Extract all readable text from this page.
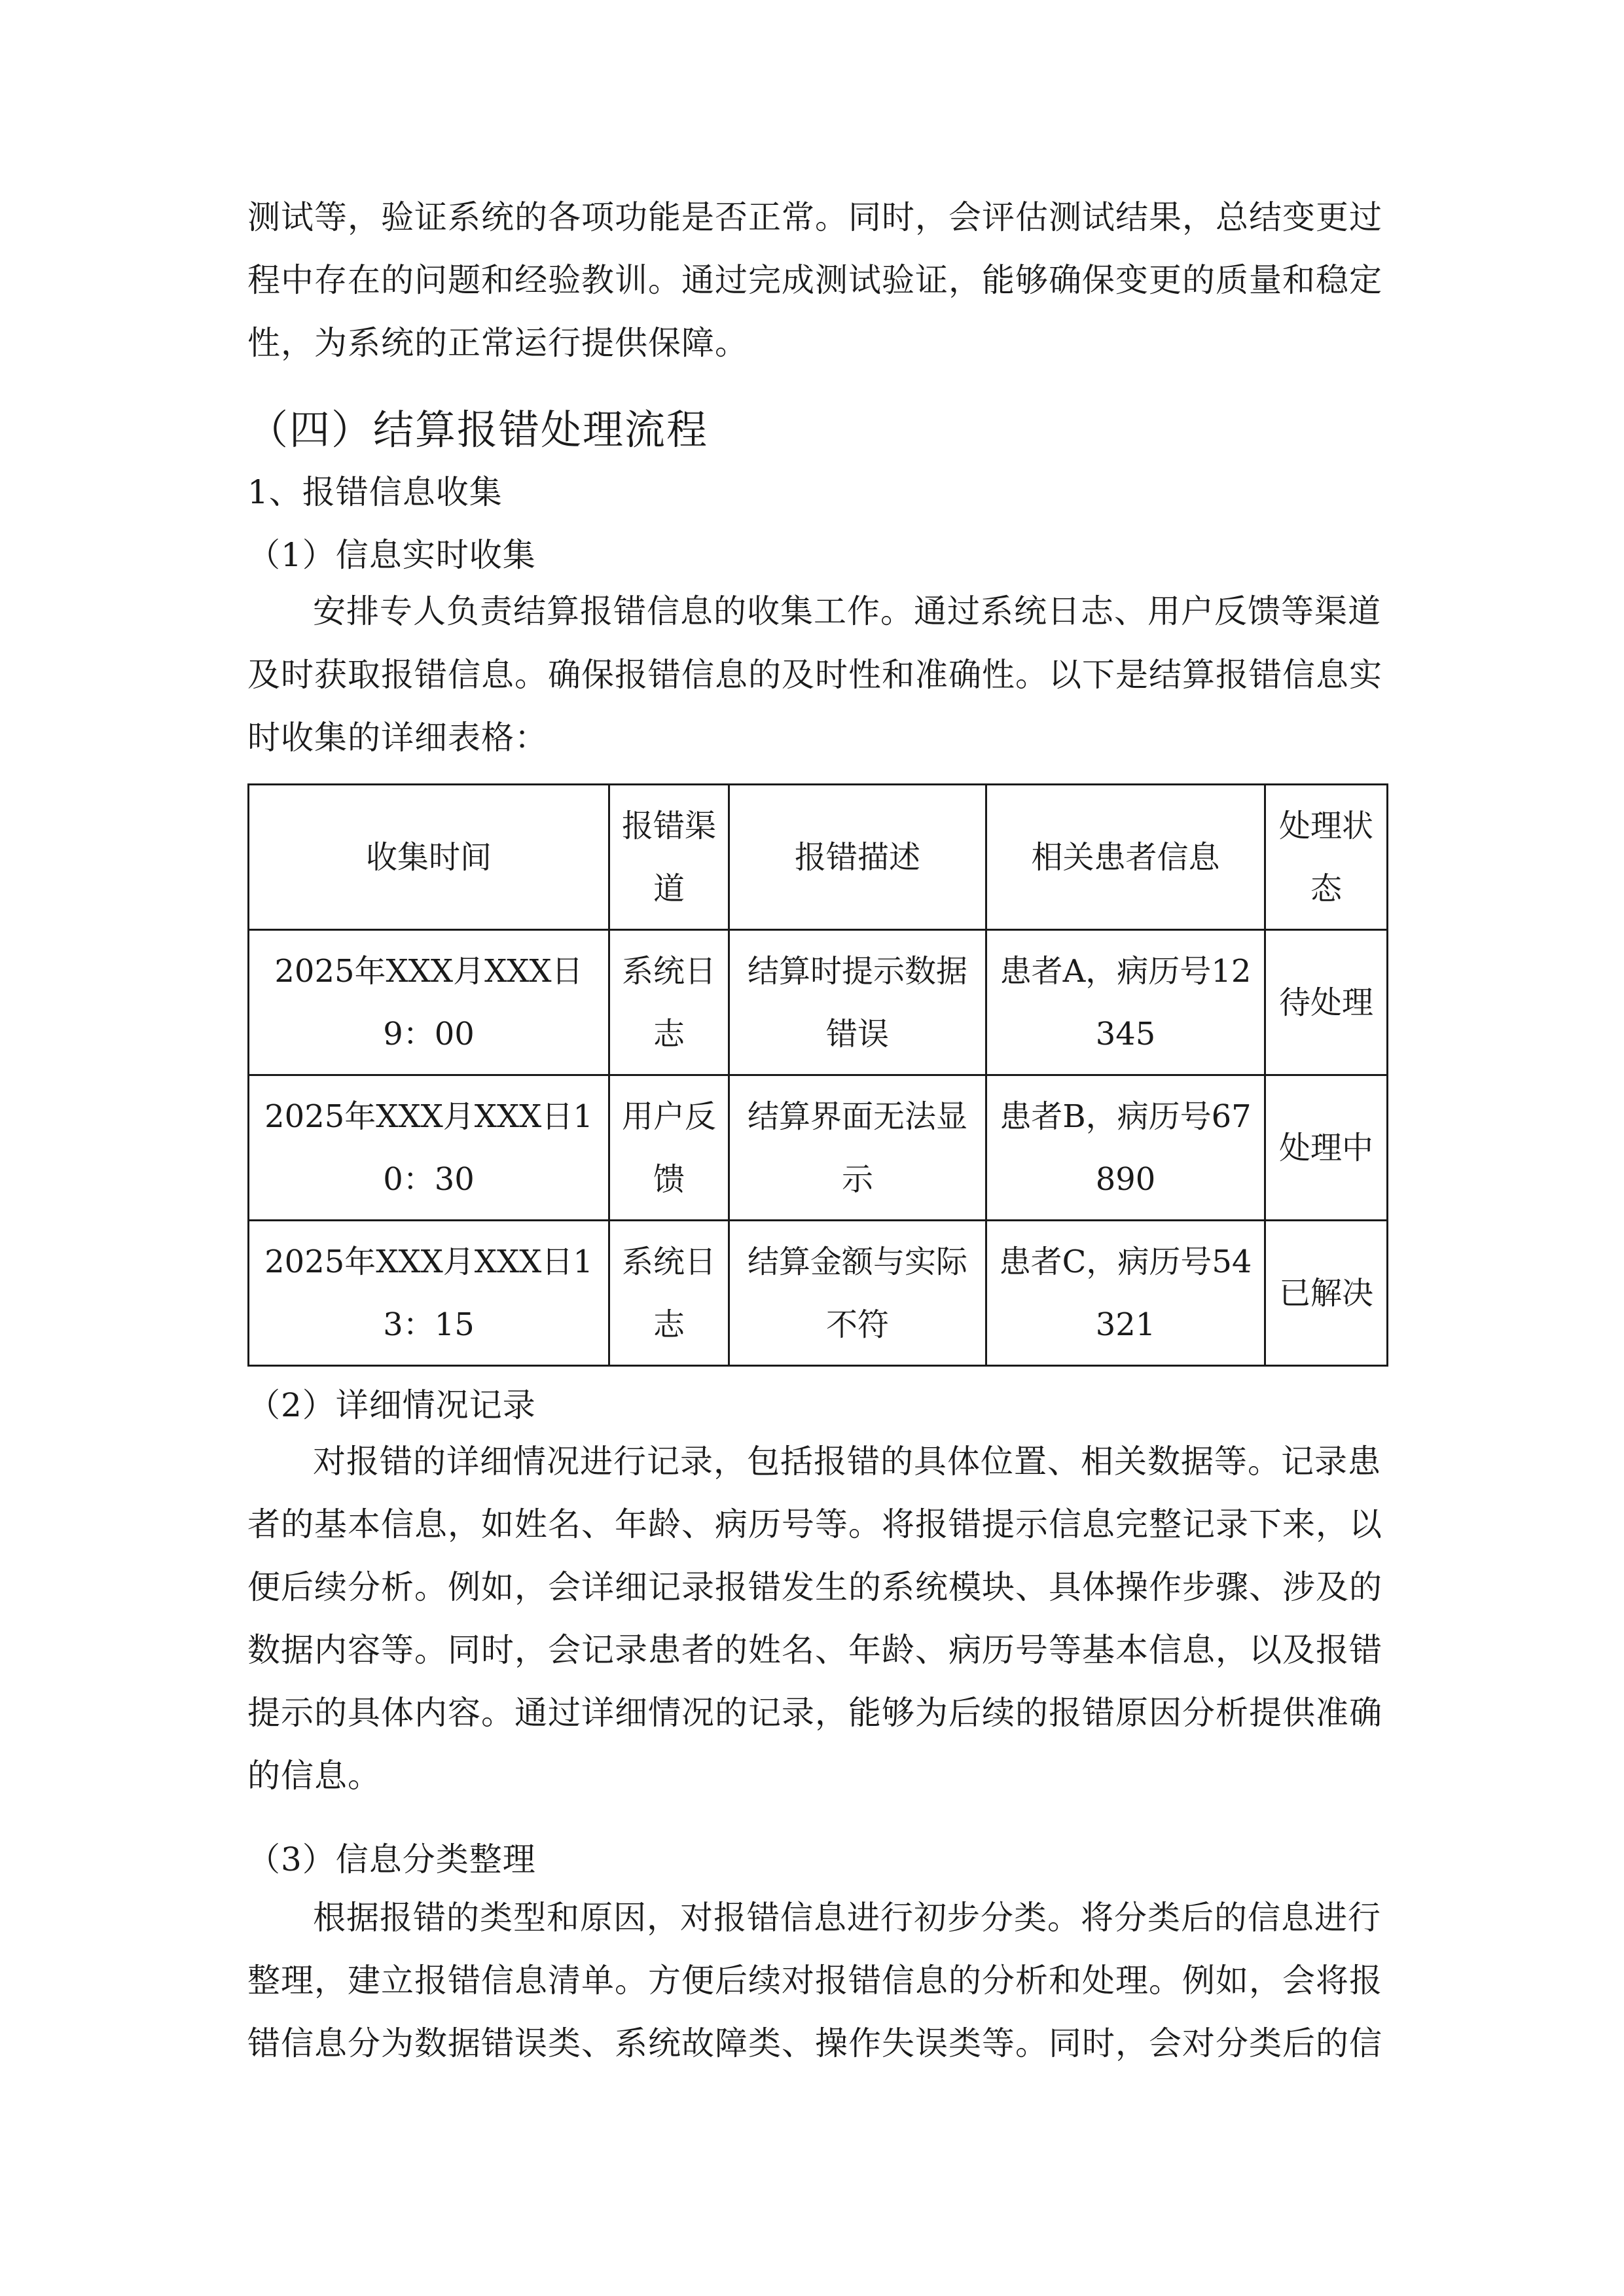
测试等，验证系统的各项功能是否正常。同时，会评估测试结果，总结变更过
程中存在的问题和经验教训。通过完成测试验证，能够确保变更的质量和稳定
性，为系统的正常运行提供保障。
（四）结算报错处理流程
1、报错信息收集
（1）信息实时收集
安排专人负责结算报错信息的收集工作。通过系统日志、用户反馈等渠道
及时获取报错信息。确保报错信息的及时性和准确性。以下是结算报错信息实
时收集的详细表格：
收集时间	报错渠道	报错描述	相关患者信息	处理状态
2025年XXX月XXX日9：00	系统日志	结算时提示数据错误	患者A，病历号12345	待处理
2025年XXX月XXX日10：30	用户反馈	结算界面无法显示	患者B，病历号67890	处理中
2025年XXX月XXX日13：15	系统日志	结算金额与实际不符	患者C，病历号54321	已解决
（2）详细情况记录
对报错的详细情况进行记录，包括报错的具体位置、相关数据等。记录患
者的基本信息，如姓名、年龄、病历号等。将报错提示信息完整记录下来，以
便后续分析。例如，会详细记录报错发生的系统模块、具体操作步骤、涉及的
数据内容等。同时，会记录患者的姓名、年龄、病历号等基本信息，以及报错
提示的具体内容。通过详细情况的记录，能够为后续的报错原因分析提供准确
的信息。
（3）信息分类整理
根据报错的类型和原因，对报错信息进行初步分类。将分类后的信息进行
整理，建立报错信息清单。方便后续对报错信息的分析和处理。例如，会将报
错信息分为数据错误类、系统故障类、操作失误类等。同时，会对分类后的信
